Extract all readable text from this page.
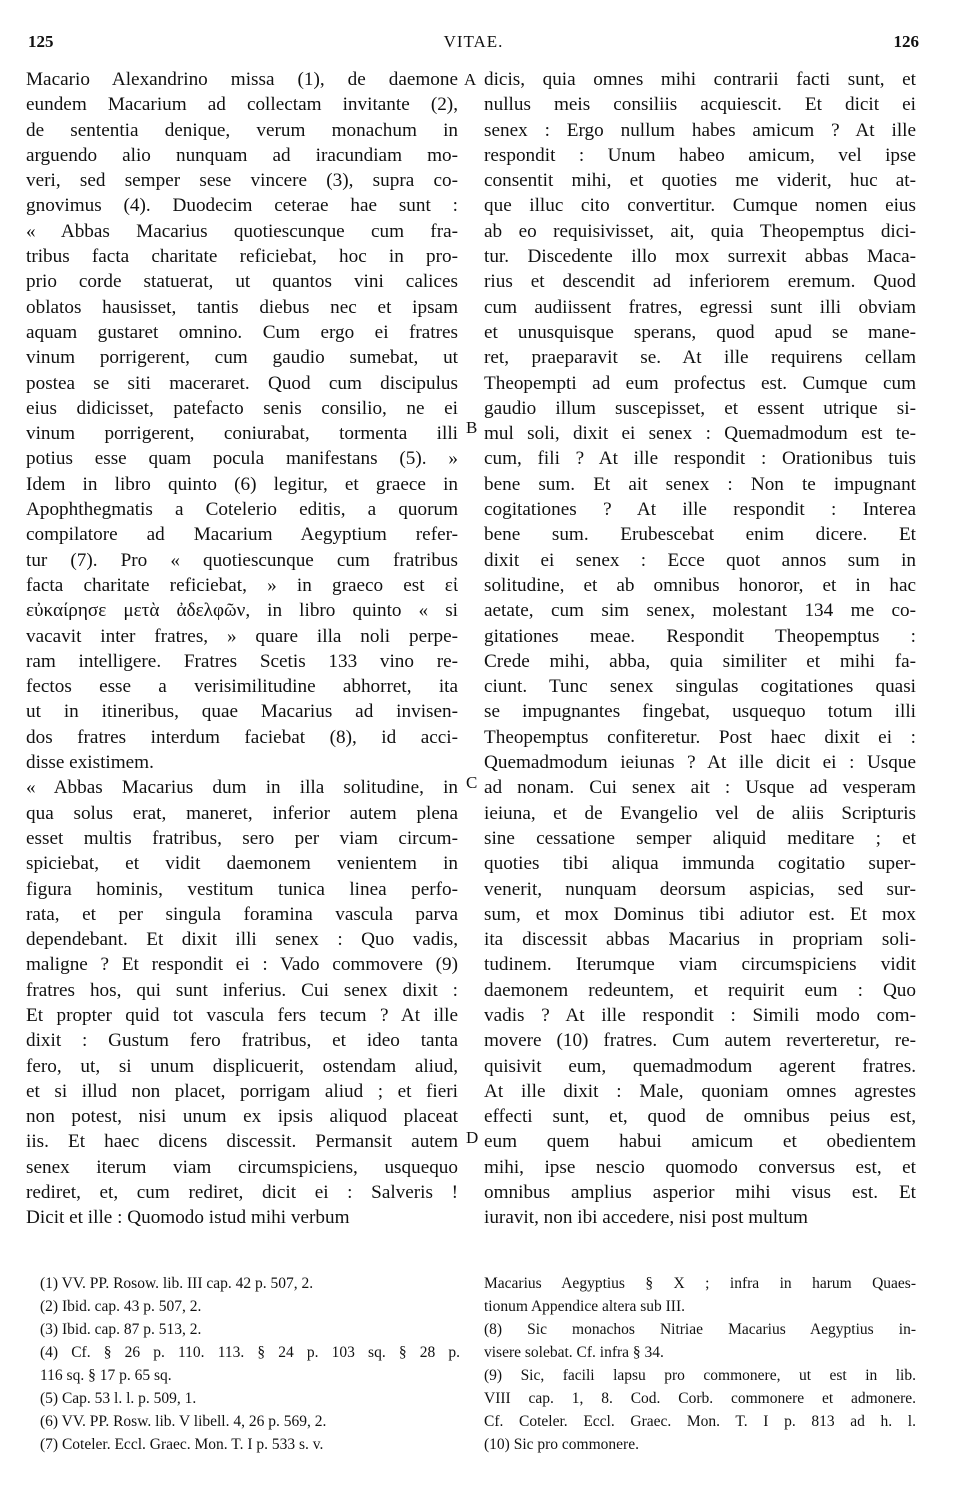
125	VITAE.	126
Macario Alexandrino missa (1), de daemone
eundem Macarium ad collectam invitante (2),
de sententia denique, verum monachum in
arguendo alio nunquam ad iracundiam mo-
veri, sed semper sese vincere (3), supra co-
gnovimus (4). Duodecim ceterae hae sunt :
« Abbas Macarius quotiescunque cum fra-
tribus facta charitate reficiebat, hoc in pro-
prio corde statuerat, ut quantos vini calices
oblatos hausisset, tantis diebus nec et ipsam
aquam gustaret omnino. Cum ergo ei fratres
vinum porrigerent, cum gaudio sumebat, ut
postea se siti maceraret. Quod cum discipulus
eius didicisset, patefacto senis consilio, ne ei
vinum porrigerent, coniurabat, tormenta illi
potius esse quam pocula manifestans (5). »
Idem in libro quinto (6) legitur, et graece in
Apophthegmatis a Cotelerio editis, a quorum
compilatore ad Macarium Aegyptium refer-
tur (7). Pro « quotiescunque cum fratribus
facta charitate reficiebat, » in graeco est εἰ
εὐκαίρησε μετὰ ἀδελφῶν, in libro quinto « si
vacavit inter fratres, » quare illa noli perpe-
ram intelligere. Fratres Scetis 133 vino re-
fectos esse a verisimilitudine abhorret, ita
ut in itineribus, quae Macarius ad invisen-
dos fratres interdum faciebat (8), id acci-
disse existimem.
« Abbas Macarius dum in illa solitudine, in
qua solus erat, maneret, inferior autem plena
esset multis fratribus, sero per viam circum-
spiciebat, et vidit daemonem venientem in
figura hominis, vestitum tunica linea perfo-
rata, et per singula foramina vascula parva
dependebant. Et dixit illi senex : Quo vadis,
maligne ? Et respondit ei : Vado commovere (9)
fratres hos, qui sunt inferius. Cui senex dixit :
Et propter quid tot vascula fers tecum ? At ille
dixit : Gustum fero fratribus, et ideo tanta
fero, ut, si unum displicuerit, ostendam aliud,
et si illud non placet, porrigam aliud ; et fieri
non potest, nisi unum ex ipsis aliquod placeat
iis. Et haec dicens discessit. Permansit autem
senex iterum viam circumspiciens, usquequo
rediret, et, cum rediret, dicit ei : Salveris !
Dicit et ille : Quomodo istud mihi verbum
dicis, quia omnes mihi contrarii facti sunt, et
nullus meis consiliis acquiescit. Et dicit ei
senex : Ergo nullum habes amicum ? At ille
respondit : Unum habeo amicum, vel ipse
consentit mihi, et quoties me viderit, huc at-
que illuc cito convertitur. Cumque nomen eius
ab eo requisivisset, ait, quia Theopemptus dici-
tur. Discedente illo mox surrexit abbas Maca-
rius et descendit ad inferiorem eremum. Quod
cum audiissent fratres, egressi sunt illi obviam
et unusquisque sperans, quod apud se mane-
ret, praeparavit se. At ille requirens cellam
Theopempti ad eum profectus est. Cumque cum
gaudio illum suscepisset, et essent utrique si-
mul soli, dixit ei senex : Quemadmodum est te-
cum, fili ? At ille respondit : Orationibus tuis
bene sum. Et ait senex : Non te impugnant
cogitationes ? At ille respondit : Interea
bene sum. Erubescebat enim dicere. Et
dixit ei senex : Ecce quot annos sum in
solitudine, et ab omnibus honoror, et in hac
aetate, cum sim senex, molestant 134 me co-
gitationes meae. Respondit Theopemptus :
Crede mihi, abba, quia similiter et mihi fa-
ciunt. Tunc senex singulas cogitationes quasi
se impugnantes fingebat, usquequo totum illi
Theopemptus confiteretur. Post haec dixit ei :
Quemadmodum ieiunas ? At ille dicit ei : Usque
ad nonam. Cui senex ait : Usque ad vesperam
ieiuna, et de Evangelio vel de aliis Scripturis
sine cessatione semper aliquid meditare ; et
quoties tibi aliqua immunda cogitatio super-
venerit, nunquam deorsum aspicias, sed sur-
sum, et mox Dominus tibi adiutor est. Et mox
ita discessit abbas Macarius in propriam soli-
tudinem. Iterumque viam circumspiciens vidit
daemonem redeuntem, et requirit eum : Quo
vadis ? At ille respondit : Simili modo com-
movere (10) fratres. Cum autem reverteretur, re-
quisivit eum, quemadmodum agerent fratres.
At ille dixit : Male, quoniam omnes agrestes
effecti sunt, et, quod de omnibus peius est,
eum quem habui amicum et obedientem
mihi, ipse nescio quomodo conversus est, et
omnibus amplius asperior mihi visus est. Et
iuravit, non ibi accedere, nisi post multum
A
B
C
D
(1) VV. PP. Rosow. lib. III cap. 42 p. 507, 2.
(2) Ibid. cap. 43 p. 507, 2.
(3) Ibid. cap. 87 p. 513, 2.
(4) Cf. § 26 p. 110. 113. § 24 p. 103 sq. § 28 p.
116 sq. § 17 p. 65 sq.
(5) Cap. 53 l. l. p. 509, 1.
(6) VV. PP. Rosw. lib. V libell. 4, 26 p. 569, 2.
(7) Coteler. Eccl. Graec. Mon. T. I p. 533 s. v.
Macarius Aegyptius § X ; infra in harum Quaes-
tionum Appendice altera sub III.
(8) Sic monachos Nitriae Macarius Aegyptius in-
visere solebat. Cf. infra § 34.
(9) Sic, facili lapsu pro commonere, ut est in lib.
VIII cap. 1, 8. Cod. Corb. commonere et admonere.
Cf. Coteler. Eccl. Graec. Mon. T. I p. 813 ad h. l.
(10) Sic pro commonere.
